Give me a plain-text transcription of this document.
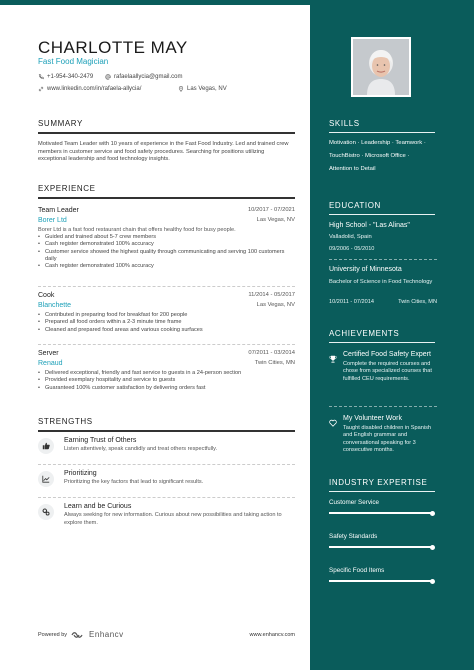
CHARLOTTE MAY
Fast Food Magician
+1-954-340-2479	rafaelaallycia@gmail.com
www.linkedin.com/in/rafaela-allycia/	Las Vegas, NV
SUMMARY
Motivated Team Leader with 10 years of experience in the Fast Food Industry. Led and trained crew members in customer service and food safety procedures. Searching for positions utilizing exceptional leadership and food technology insights.
EXPERIENCE
Team Leader	10/2017 - 07/2021
Borer Ltd	Las Vegas, NV
Borer Ltd is a fast food restaurant chain that offers healthy food for busy people.
• Guided and trained about 5-7 crew members
• Cash register demonstrated 100% accuracy
• Customer service showed the highest quality through communicating and serving 100 customers daily
• Cash register demonstrated 100% accuracy
Cook	11/2014 - 05/2017
Blanchette	Las Vegas, NV
• Contributed in preparing food for breakfast for 200 people
• Prepared all food orders within a 2-3 minute time frame
• Cleaned and prepared food areas and various cooking surfaces
Server	07/2011 - 03/2014
Renaud	Twin Cities, MN
• Delivered exceptional, friendly and fast service to guests in a 24-person section
• Provided exemplary hospitality and service to guests
• Guaranteed 100% customer satisfaction by delivering orders fast
STRENGTHS
Earning Trust of Others
Listen attentively, speak candidly and treat others respectfully.
Prioritizing
Prioritizing the key factors that lead to significant results.
Learn and be Curious
Always seeking for new information. Curious about new possibilities and taking action to explore them.
Powered by	Enhancv	www.enhancv.com
SKILLS
Motivation · Leadership · Teamwork ·
TouchBistro · Microsoft Office ·
Attention to Detail
EDUCATION
High School - "Las Alinas"
Valladolid, Spain
09/2006 - 05/2010
University of Minnesota
Bachelor of Science in Food Technology
10/2011 - 07/2014	Twin Cities, MN
ACHIEVEMENTS
Certified Food Safety Expert
Complete the required courses and chose from specialized courses that fulfilled CEU requirements.
My Volunteer Work
Taught disabled children in Spanish and English grammar and conversational speaking for 3 consecutive months.
INDUSTRY EXPERTISE
Customer Service
Safety Standards
Specific Food Items
